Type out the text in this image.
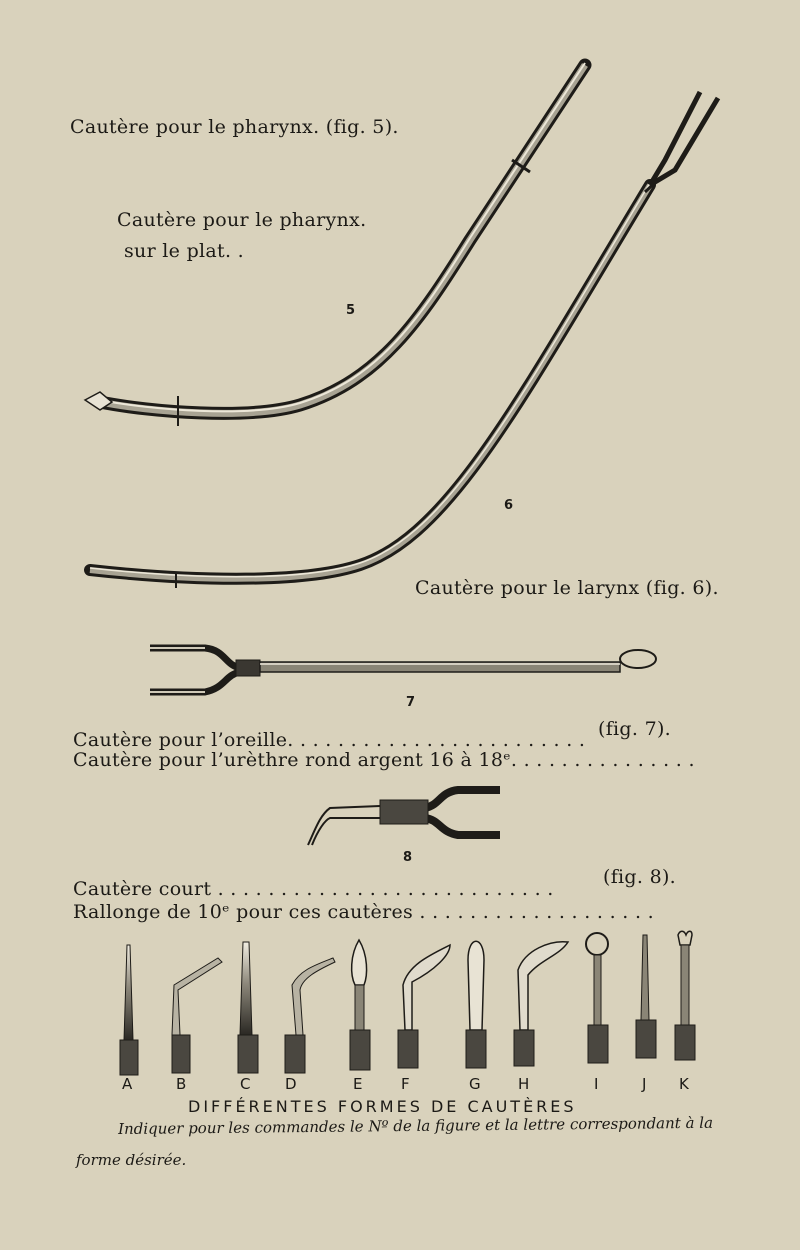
Cautère pour le pharynx. (fig. 5).
Cautère pour le pharynx.
sur le plat. .
5
6
Cautère pour le larynx (fig. 6).
7
Cautère pour l’oreille. . . . . . . . . . . . . . . . . . . . . . . . (fig. 7).
Cautère pour l’urèthre rond argent 16 à 18ᵉ. . . . . . . . . . . . . . .
8
Cautère court . . . . . . . . . . . . . . . . . . . . . . . . . . .
(fig. 8).
Rallonge de 10ᵉ pour ces cautères . . . . . . . . . . . . . . . . . . .
A	B	C D	E	F	G H	I	J K
DIFFÉRENTES FORMES DE CAUTÈRES
Indiquer pour les commandes le Nº de la figure et la lettre correspondant à la
forme désirée.
